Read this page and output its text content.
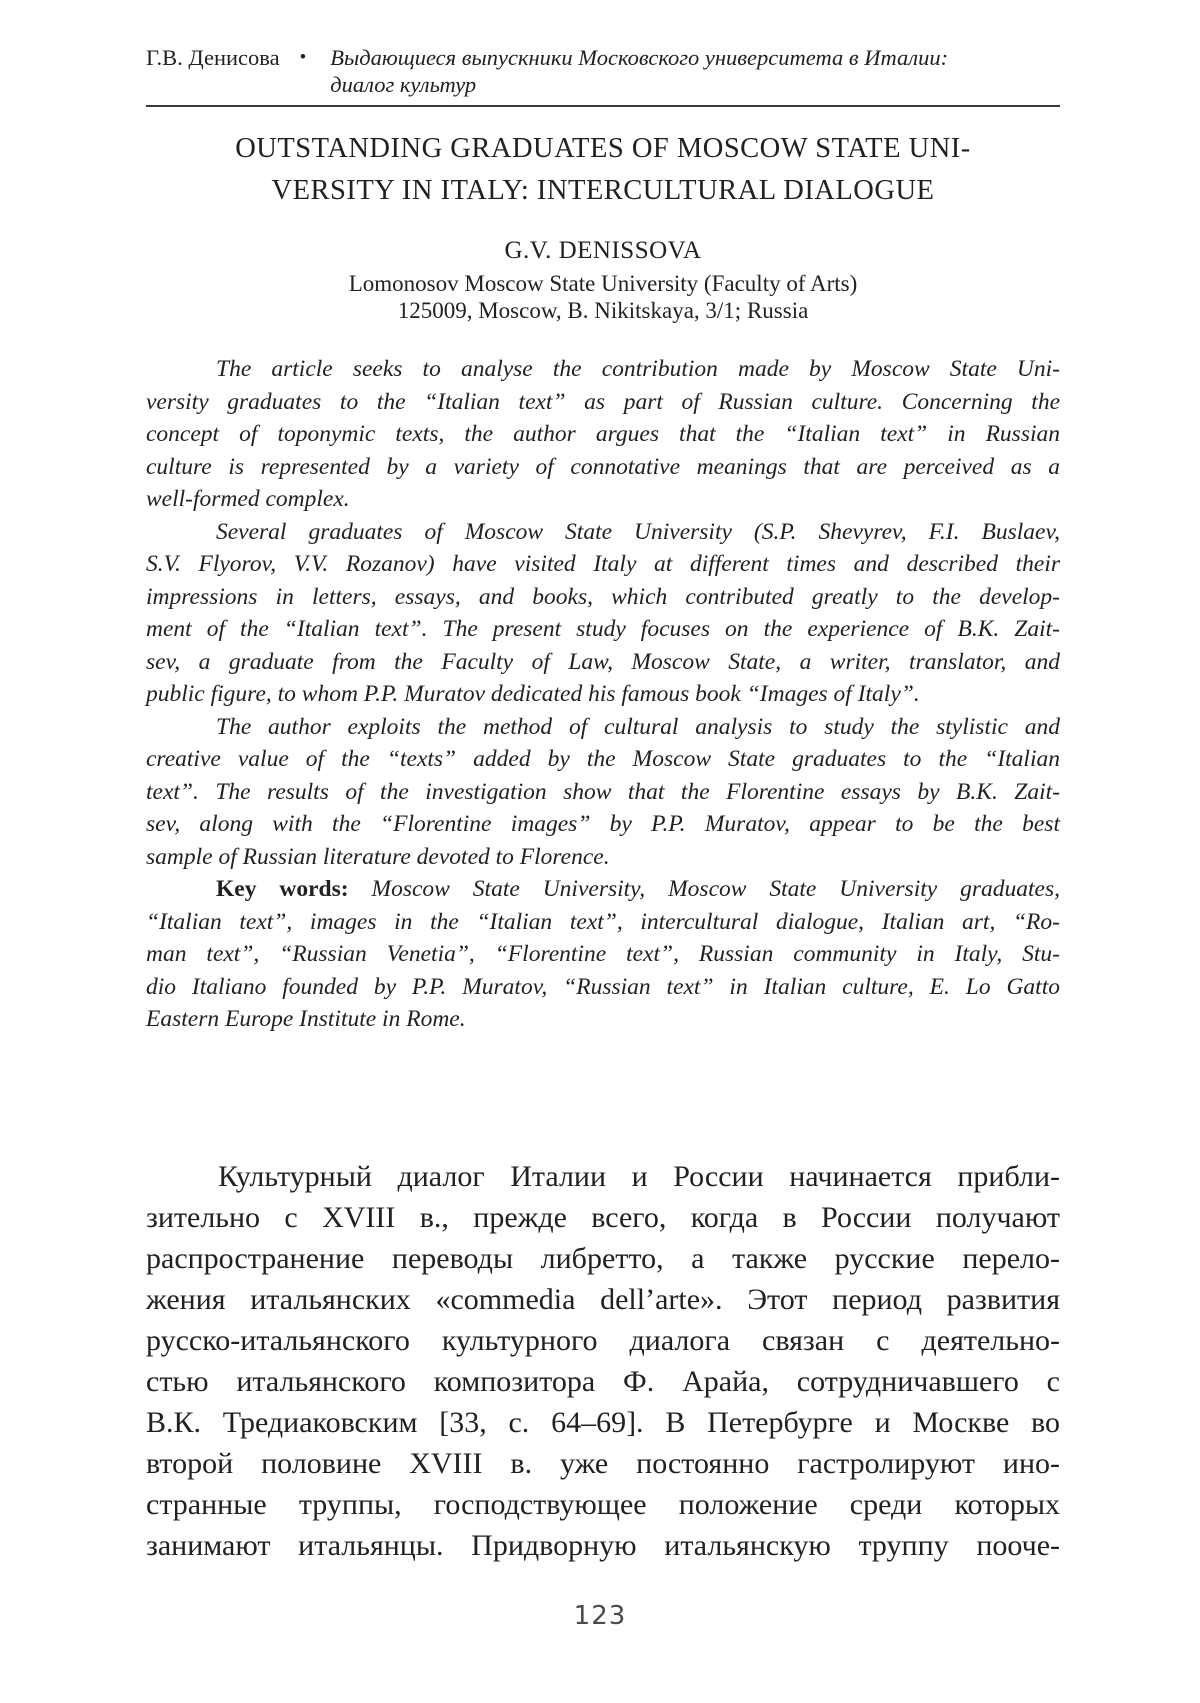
Г.В. Денисова • Выдающиеся выпускники Московского университета в Италии:
диалог культур
OUTSTANDING GRADUATES OF MOSCOW STATE UNI-
VERSITY IN ITALY: INTERCULTURAL DIALOGUE
G.V. DENISSOVA
Lomonosov Moscow State University (Faculty of Arts)
125009, Moscow, B. Nikitskaya, 3/1; Russia
The article seeks to analyse the contribution made by Moscow State Uni-
versity graduates to the “Italian text” as part of Russian culture. Concerning the
concept of toponymic texts, the author argues that the “Italian text” in Russian
culture is represented by a variety of connotative meanings that are perceived as a
well-formed complex.
Several graduates of Moscow State University (S.P. Shevyrev, F.I. Buslaev,
S.V. Flyorov, V.V. Rozanov) have visited Italy at different times and described their
impressions in letters, essays, and books, which contributed greatly to the develop-
ment of the “Italian text”. The present study focuses on the experience of B.K. Zait-
sev, a graduate from the Faculty of Law, Moscow State, a writer, translator, and
public figure, to whom P.P. Muratov dedicated his famous book “Images of Italy”.
The author exploits the method of cultural analysis to study the stylistic and
creative value of the “texts” added by the Moscow State graduates to the “Italian
text”. The results of the investigation show that the Florentine essays by B.K. Zait-
sev, along with the “Florentine images” by P.P. Muratov, appear to be the best
sample of Russian literature devoted to Florence.
Key words: Moscow State University, Moscow State University graduates,
“Italian text”, images in the “Italian text”, intercultural dialogue, Italian art, “Ro-
man text”, “Russian Venetia”, “Florentine text”, Russian community in Italy, Stu-
dio Italiano founded by P.P. Muratov, “Russian text” in Italian culture, E. Lo Gatto
Eastern Europe Institute in Rome.
Культурный диалог Италии и России начинается прибли-
зительно с XVIII в., прежде всего, когда в России получают
распространение переводы либретто, а также русские перело-
жения итальянских «commedia dell’arte». Этот период развития
русско-итальянского культурного диалога связан с деятельно-
стью итальянского композитора Ф. Арайа, сотрудничавшего с
В.К. Тредиаковским [33, с. 64–69]. В Петербурге и Москве во
второй половине XVIII в. уже постоянно гастролируют ино-
странные труппы, господствующее положение среди которых
занимают итальянцы. Придворную итальянскую труппу пооче-
123
